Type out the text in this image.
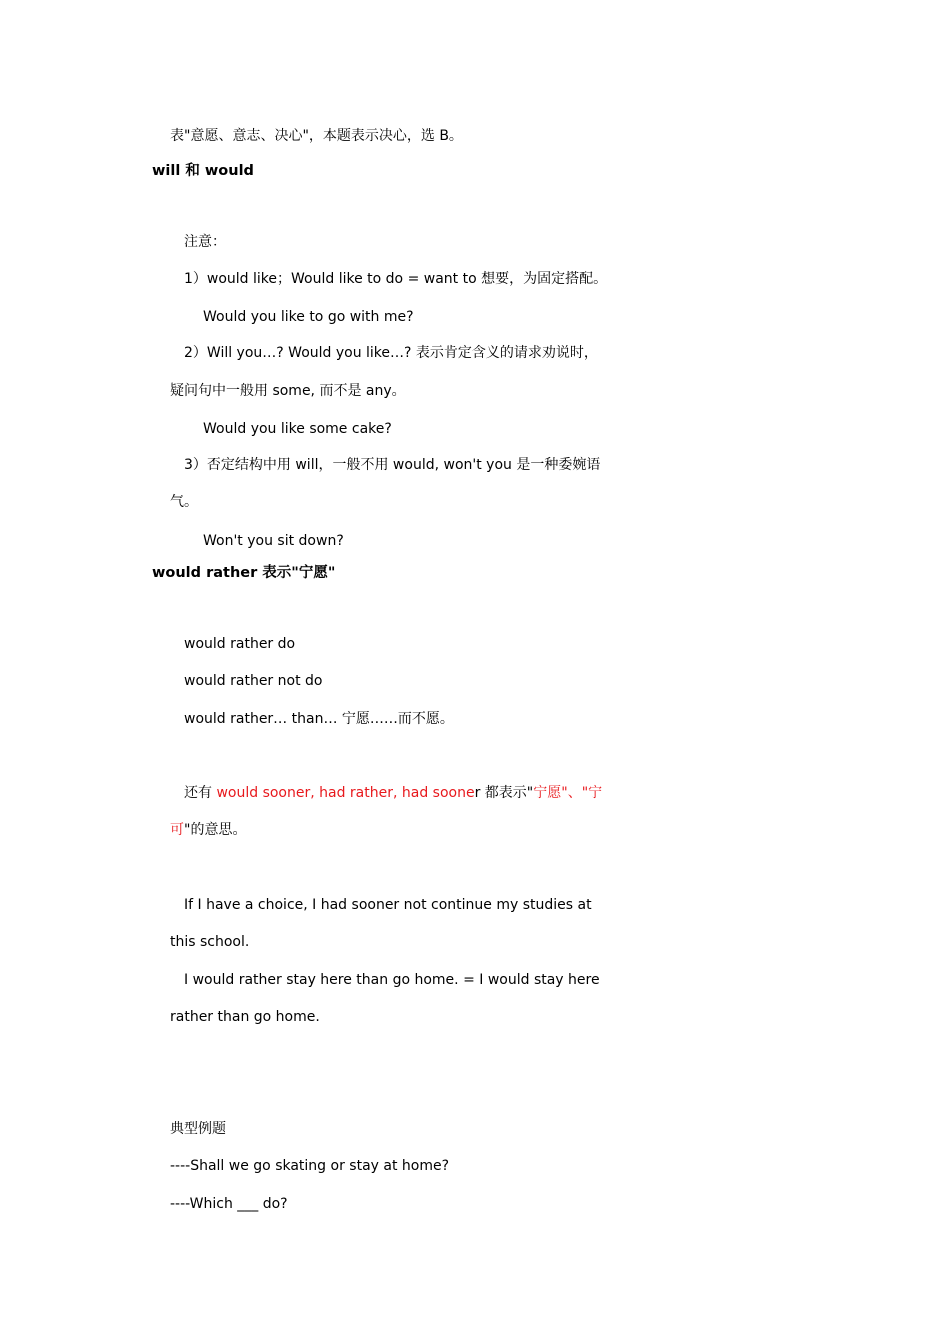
表"意愿、意志、决心"，本题表示决心，选 B。
will 和 would
注意：
1）would like；Would like to do = want to 想要，为固定搭配。
Would you like to go with me?
2）Will you…? Would you like…? 表示肯定含义的请求劝说时，
疑问句中一般用 some, 而不是 any。
Would you like some cake?
3）否定结构中用 will，一般不用 would, won't you 是一种委婉语
气。
Won't you sit down?
would rather 表示"宁愿"
would rather do
would rather not do
would rather… than… 宁愿……而不愿。
还有 would sooner, had rather, had sooner 都表示"宁愿"、"宁
可"的意思。
If I have a choice, I had sooner not continue my studies at
this school.
I would rather stay here than go home. = I would stay here
rather than go home.
典型例题
----Shall we go skating or stay at home?
----Which ___ do?
